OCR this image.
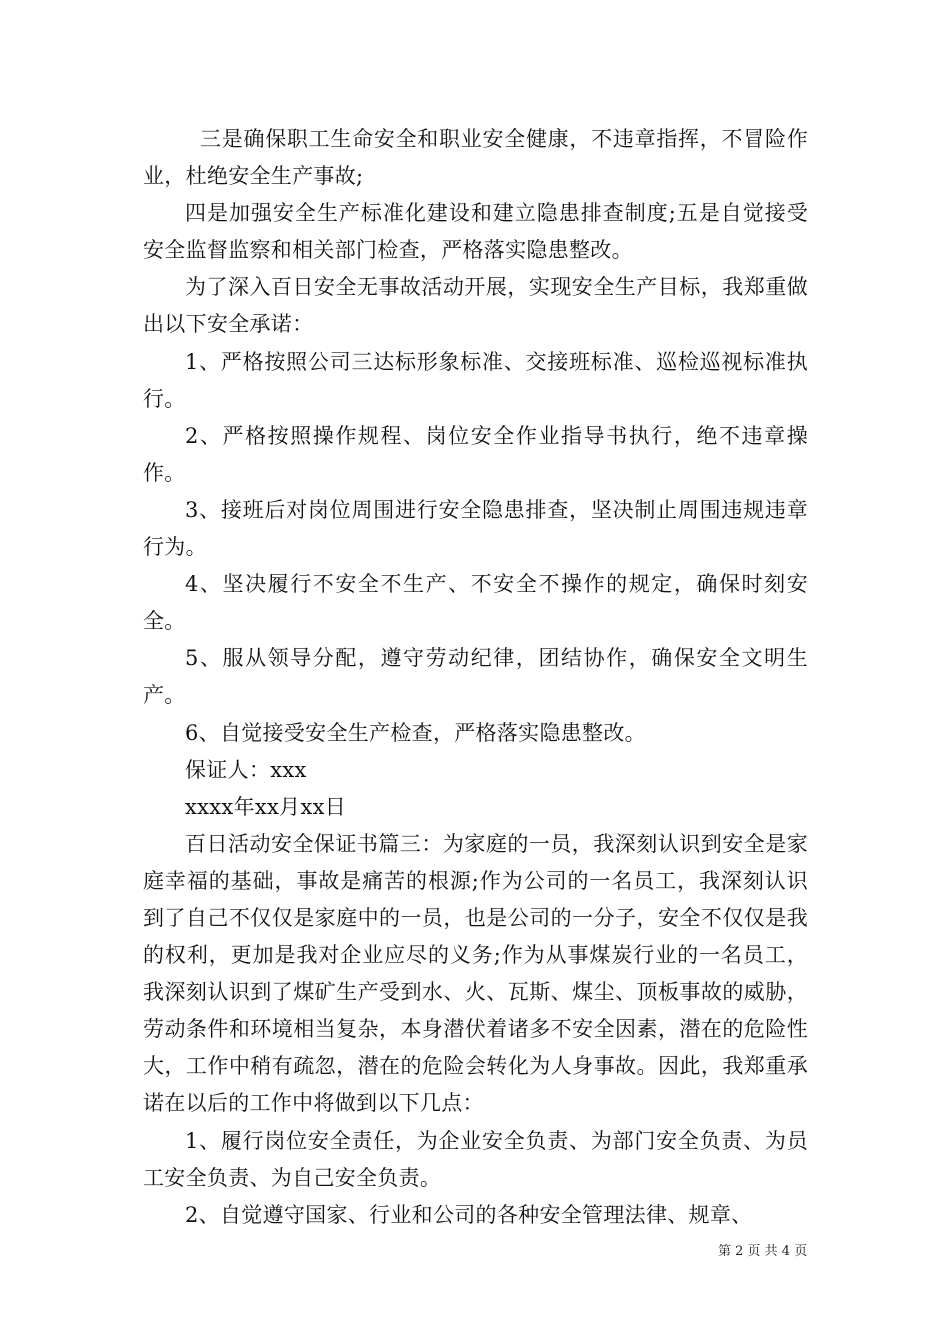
三是确保职工生命安全和职业安全健康，不违章指挥，不冒险作业，杜绝安全生产事故;

四是加强安全生产标准化建设和建立隐患排查制度;五是自觉接受安全监督监察和相关部门检查，严格落实隐患整改。

为了深入百日安全无事故活动开展，实现安全生产目标，我郑重做出以下安全承诺：

1、严格按照公司三达标形象标准、交接班标准、巡检巡视标准执行。

2、严格按照操作规程、岗位安全作业指导书执行，绝不违章操作。

3、接班后对岗位周围进行安全隐患排查，坚决制止周围违规违章行为。

4、坚决履行不安全不生产、不安全不操作的规定，确保时刻安全。

5、服从领导分配，遵守劳动纪律，团结协作，确保安全文明生产。

6、自觉接受安全生产检查，严格落实隐患整改。

保证人：xxx

xxxx年xx月xx日

百日活动安全保证书篇三：为家庭的一员，我深刻认识到安全是家庭幸福的基础，事故是痛苦的根源;作为公司的一名员工，我深刻认识到了自己不仅仅是家庭中的一员，也是公司的一分子，安全不仅仅是我的权利，更加是我对企业应尽的义务;作为从事煤炭行业的一名员工，我深刻认识到了煤矿生产受到水、火、瓦斯、煤尘、顶板事故的威胁，劳动条件和环境相当复杂，本身潜伏着诸多不安全因素，潜在的危险性大，工作中稍有疏忽，潜在的危险会转化为人身事故。因此，我郑重承诺在以后的工作中将做到以下几点：

1、履行岗位安全责任，为企业安全负责、为部门安全负责、为员工安全负责、为自己安全负责。

2、自觉遵守国家、行业和公司的各种安全管理法律、规章、

第 2 页 共 4 页
